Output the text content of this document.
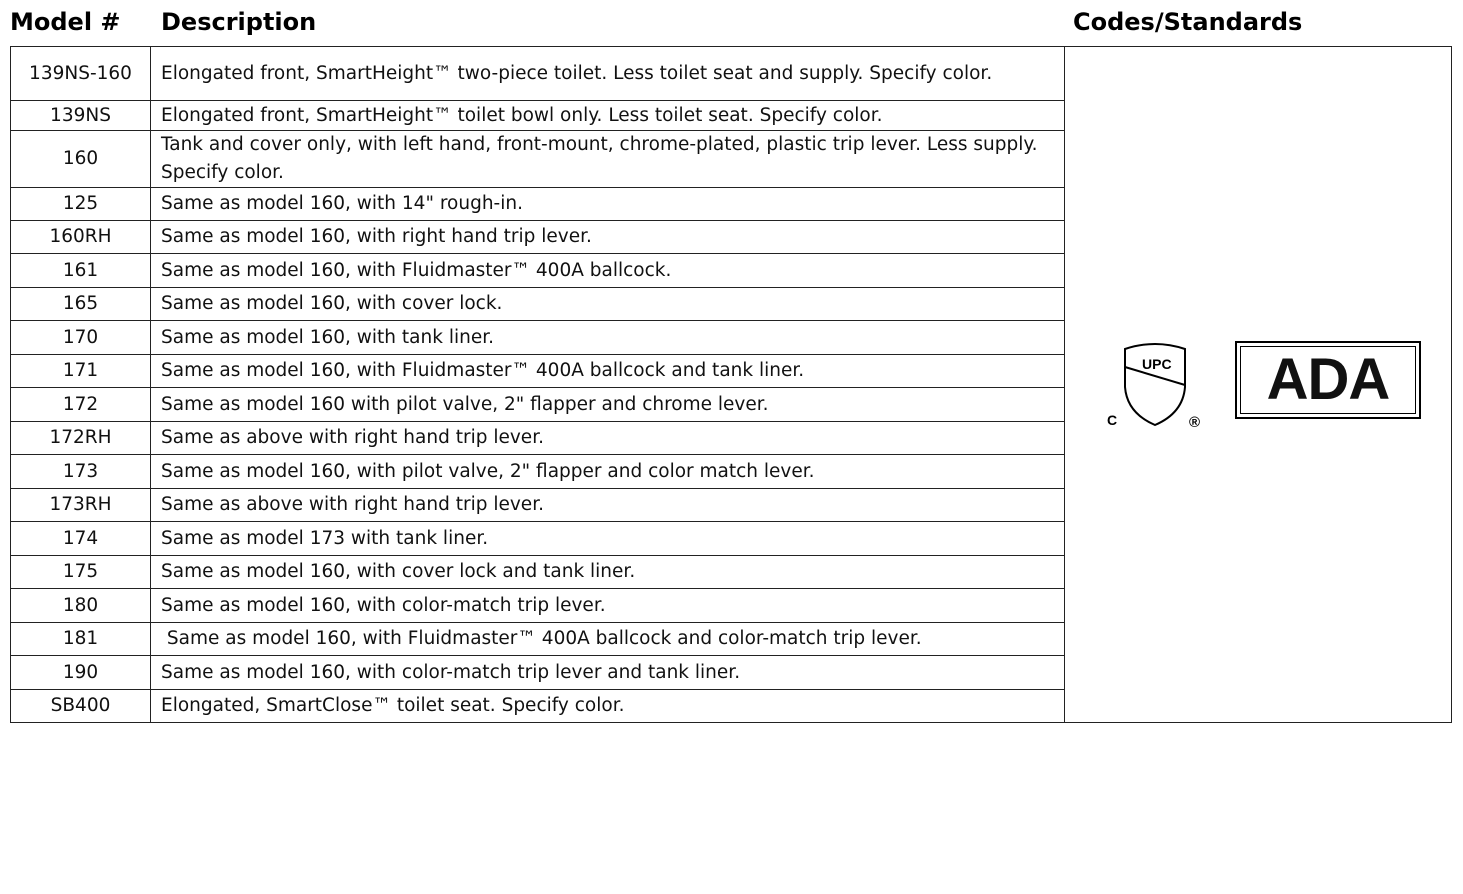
Model # Description	Codes/Standards
139NS-160	Elongated front, SmartHeight™ two-piece toilet. Less toilet seat and supply. Specify color.	UPC
C ®
ADA

139NS	Elongated front, SmartHeight™ toilet bowl only. Less toilet seat. Specify color.	
160	Tank and cover only, with left hand, front-mount, chrome-plated, plastic trip lever. Less supply. Specify color.	
125	Same as model 160, with 14" rough-in.	
160RH	Same as model 160, with right hand trip lever.	
161	Same as model 160, with Fluidmaster™ 400A ballcock.	
165	Same as model 160, with cover lock.	
170	Same as model 160, with tank liner.	
171	Same as model 160, with Fluidmaster™ 400A ballcock and tank liner.	
172	Same as model 160 with pilot valve, 2" flapper and chrome lever.	
172RH	Same as above with right hand trip lever.	
173	Same as model 160, with pilot valve, 2" flapper and color match lever.	
173RH	Same as above with right hand trip lever.	
174	Same as model 173 with tank liner.	
175	Same as model 160, with cover lock and tank liner.	
180	Same as model 160, with color-match trip lever.	
181	Same as model 160, with Fluidmaster™ 400A ballcock and color-match trip lever.	
190	Same as model 160, with color-match trip lever and tank liner.	
SB400	Elongated, SmartClose™ toilet seat. Specify color.	
